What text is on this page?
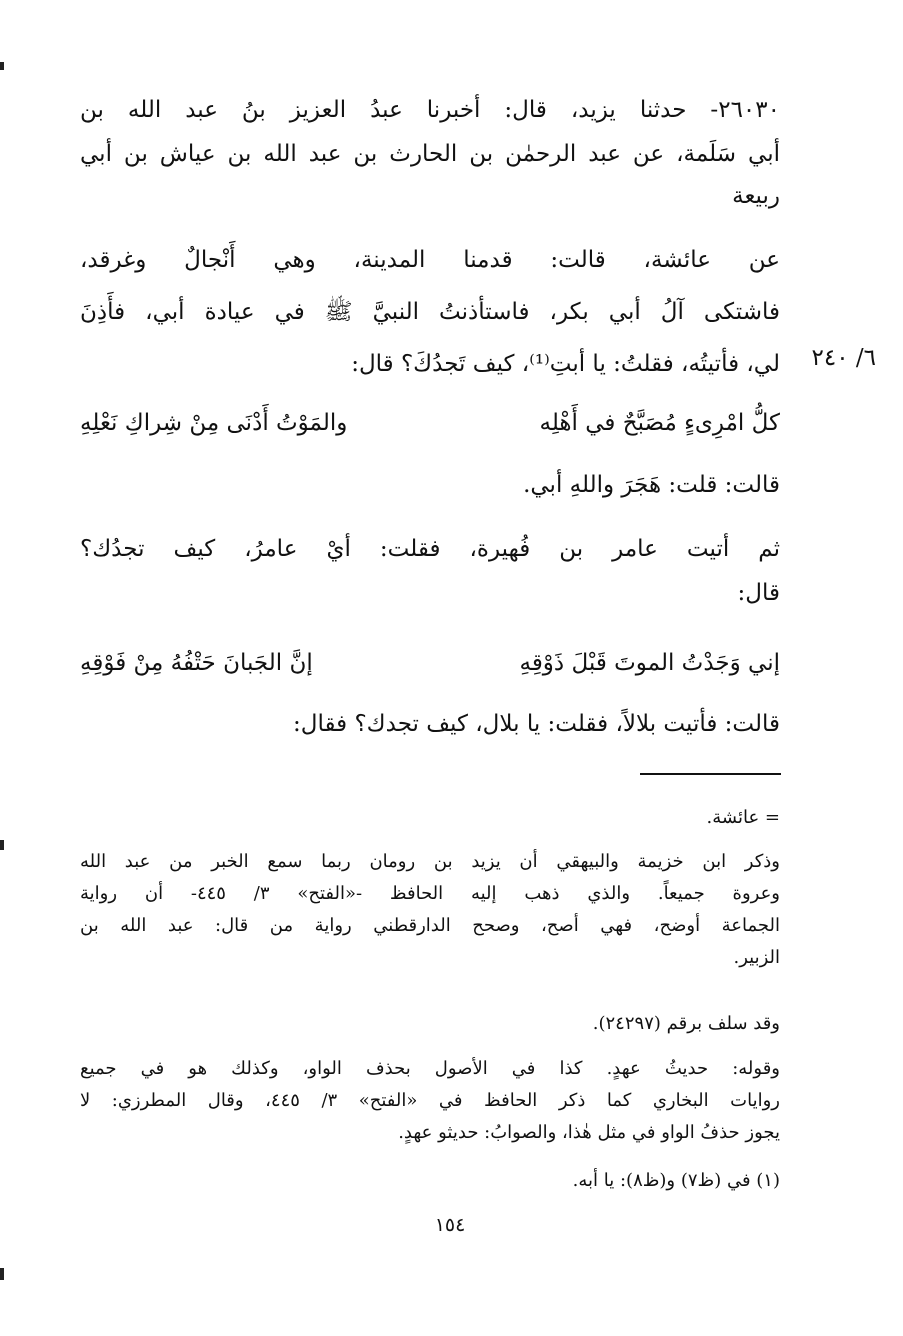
٢٦٠٣٠- حدثنا يزيد، قال: أخبرنا عبدُ العزيز بنُ عبد الله بن
أبي سَلَمة، عن عبد الرحمٰن بن الحارث بن عبد الله بن عياش بن أبي
ربيعة
عن عائشة، قالت: قدمنا المدينة، وهي أَنْجالٌ وغرقد،
فاشتكى آلُ أبي بكر، فاستأذنتُ النبيَّ ﷺ في عيادة أبي، فأَذِنَ
لي، فأتيتُه، فقلتُ: يا أبتِ⁽¹⁾، كيف تَجدُكَ؟ قال: ٦/ ٢٤٠
كلُّ امْرِىءٍ مُصَبَّحٌ في أَهْلِه
والمَوْتُ أَدْنَى مِنْ شِراكِ نَعْلِهِ
قالت: قلت: هَجَرَ واللهِ أبي.
ثم أتيت عامر بن فُهيرة، فقلت: أيْ عامرُ، كيف تجدُك؟
قال:
إني وَجَدْتُ الموتَ قَبْلَ ذَوْقِهِ
إنَّ الجَبانَ حَتْفُهُ مِنْ فَوْقِهِ
قالت: فأتيت بلالاً، فقلت: يا بلال، كيف تجدك؟ فقال:
= عائشة.
وذكر ابن خزيمة والبيهقي أن يزيد بن رومان ربما سمع الخبر من عبد الله
وعروة جميعاً. والذي ذهب إليه الحافظ -«الفتح» ٣/ ٤٤٥- أن رواية
الجماعة أوضح، فهي أصح، وصحح الدارقطني رواية من قال: عبد الله بن
الزبير.
وقد سلف برقم (٢٤٢٩٧).
وقوله: حديثُ عهدٍ. كذا في الأصول بحذف الواو، وكذلك هو في جميع
روايات البخاري كما ذكر الحافظ في «الفتح» ٣/ ٤٤٥، وقال المطرزي: لا
يجوز حذفُ الواو في مثل هٰذا، والصوابُ: حديثو عهدٍ.
(١) في (ظ٧) و(ظ٨): يا أبه.
١٥٤
